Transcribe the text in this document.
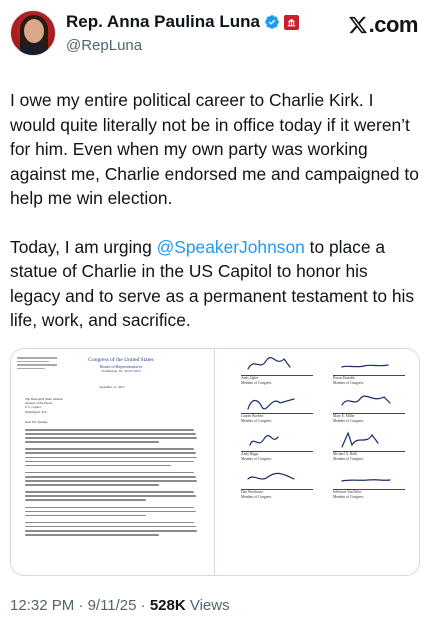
Rep. Anna Paulina Luna
@RepLuna
.com

I owe my entire political career to Charlie Kirk. I would quite literally not be in office today if it weren’t for him. Even when my own party was working against me, Charlie endorsed me and campaigned to help me win election.

Today, I am urging @SpeakerJohnson to place a statue of Charlie in the US Capitol to honor his legacy and to serve as a permanent testament to his life, work, and sacrifice.

Congress of the United States
House of Representatives
Washington, DC 20515-0913
September 11, 2025
The Honorable Mike Johnson
Speaker of the House
U.S. Capitol
Washington, D.C.
Dear Mr. Speaker,
Andy Ogles
Member of Congress
Byron Donalds
Member of Congress
Lauren Boebert
Member of Congress
Mary E. Miller
Member of Congress
Andy Biggs
Member of Congress
Michael A. Rulli
Member of Congress
Dan Newhouse
Member of Congress
Jefferson Van Drew
Member of Congress
12:32 PM · 9/11/25 · 528K Views
